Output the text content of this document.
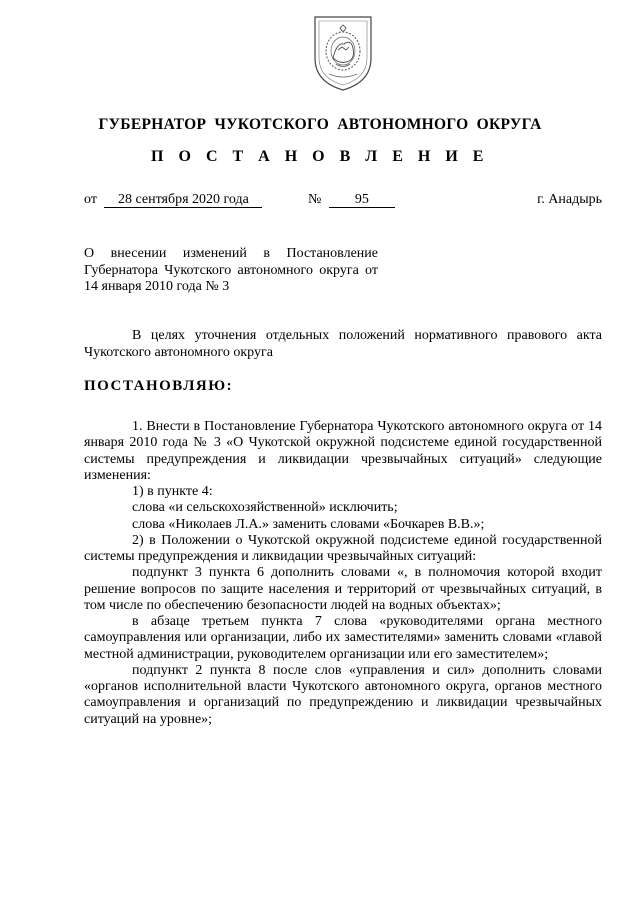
ГУБЕРНАТОР ЧУКОТСКОГО АВТОНОМНОГО ОКРУГА
П О С Т А Н О В Л Е Н И Е
от 28 сентября 2020 года	№ 95	г. Анадырь
О внесении изменений в Постановление Губернатора Чукотского автономного округа от 14 января 2010 года № 3
В целях уточнения отдельных положений нормативного правового акта Чукотского автономного округа
ПОСТАНОВЛЯЮ:

1. Внести в Постановление Губернатора Чукотского автономного округа от 14 января 2010 года № 3 «О Чукотской окружной подсистеме единой государственной системы предупреждения и ликвидации чрезвычайных ситуаций» следующие изменения:

1) в пункте 4:

слова «и сельскохозяйственной» исключить;

слова «Николаев Л.А.» заменить словами «Бочкарев В.В.»;

2) в Положении о Чукотской окружной подсистеме единой государственной системы предупреждения и ликвидации чрезвычайных ситуаций:

подпункт 3 пункта 6 дополнить словами «, в полномочия которой входит решение вопросов по защите населения и территорий от чрезвычайных ситуаций, в том числе по обеспечению безопасности людей на водных объектах»;

в абзаце третьем пункта 7 слова «руководителями органа местного самоуправления или организации, либо их заместителями» заменить словами «главой местной администрации, руководителем организации или его заместителем»;

подпункт 2 пункта 8 после слов «управления и сил» дополнить словами «органов исполнительной власти Чукотского автономного округа, органов местного самоуправления и организаций по предупреждению и ликвидации чрезвычайных ситуаций на уровне»;
